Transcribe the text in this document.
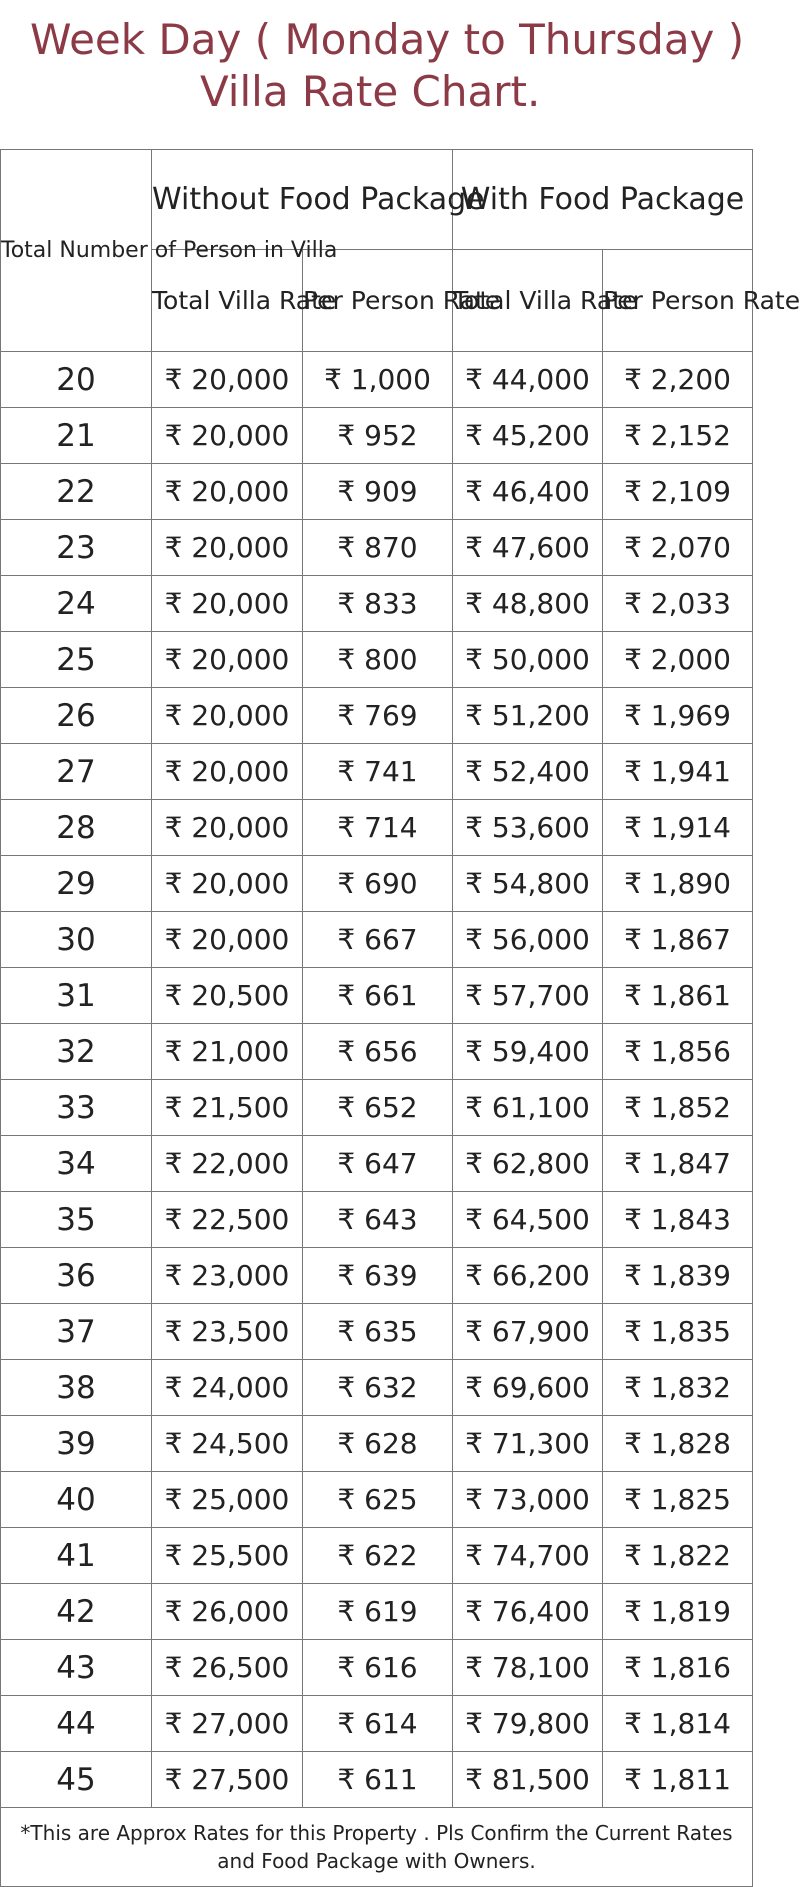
Week Day ( Monday to Thursday )
Villa Rate Chart.
Total Number of Person in Villa	Without Food Package		With Food Package	
	Total Villa Rate	Per Person Rate	Total Villa Rate	Per Person Rate
20	₹ 20,000	₹ 1,000	₹ 44,000	₹ 2,200
21	₹ 20,000	₹ 952	₹ 45,200	₹ 2,152
22	₹ 20,000	₹ 909	₹ 46,400	₹ 2,109
23	₹ 20,000	₹ 870	₹ 47,600	₹ 2,070
24	₹ 20,000	₹ 833	₹ 48,800	₹ 2,033
25	₹ 20,000	₹ 800	₹ 50,000	₹ 2,000
26	₹ 20,000	₹ 769	₹ 51,200	₹ 1,969
27	₹ 20,000	₹ 741	₹ 52,400	₹ 1,941
28	₹ 20,000	₹ 714	₹ 53,600	₹ 1,914
29	₹ 20,000	₹ 690	₹ 54,800	₹ 1,890
30	₹ 20,000	₹ 667	₹ 56,000	₹ 1,867
31	₹ 20,500	₹ 661	₹ 57,700	₹ 1,861
32	₹ 21,000	₹ 656	₹ 59,400	₹ 1,856
33	₹ 21,500	₹ 652	₹ 61,100	₹ 1,852
34	₹ 22,000	₹ 647	₹ 62,800	₹ 1,847
35	₹ 22,500	₹ 643	₹ 64,500	₹ 1,843
36	₹ 23,000	₹ 639	₹ 66,200	₹ 1,839
37	₹ 23,500	₹ 635	₹ 67,900	₹ 1,835
38	₹ 24,000	₹ 632	₹ 69,600	₹ 1,832
39	₹ 24,500	₹ 628	₹ 71,300	₹ 1,828
40	₹ 25,000	₹ 625	₹ 73,000	₹ 1,825
41	₹ 25,500	₹ 622	₹ 74,700	₹ 1,822
42	₹ 26,000	₹ 619	₹ 76,400	₹ 1,819
43	₹ 26,500	₹ 616	₹ 78,100	₹ 1,816
44	₹ 27,000	₹ 614	₹ 79,800	₹ 1,814
45	₹ 27,500	₹ 611	₹ 81,500	₹ 1,811
*This are Approx Rates for this Property . Pls Confirm the Current Rates and Food Package with Owners.				
